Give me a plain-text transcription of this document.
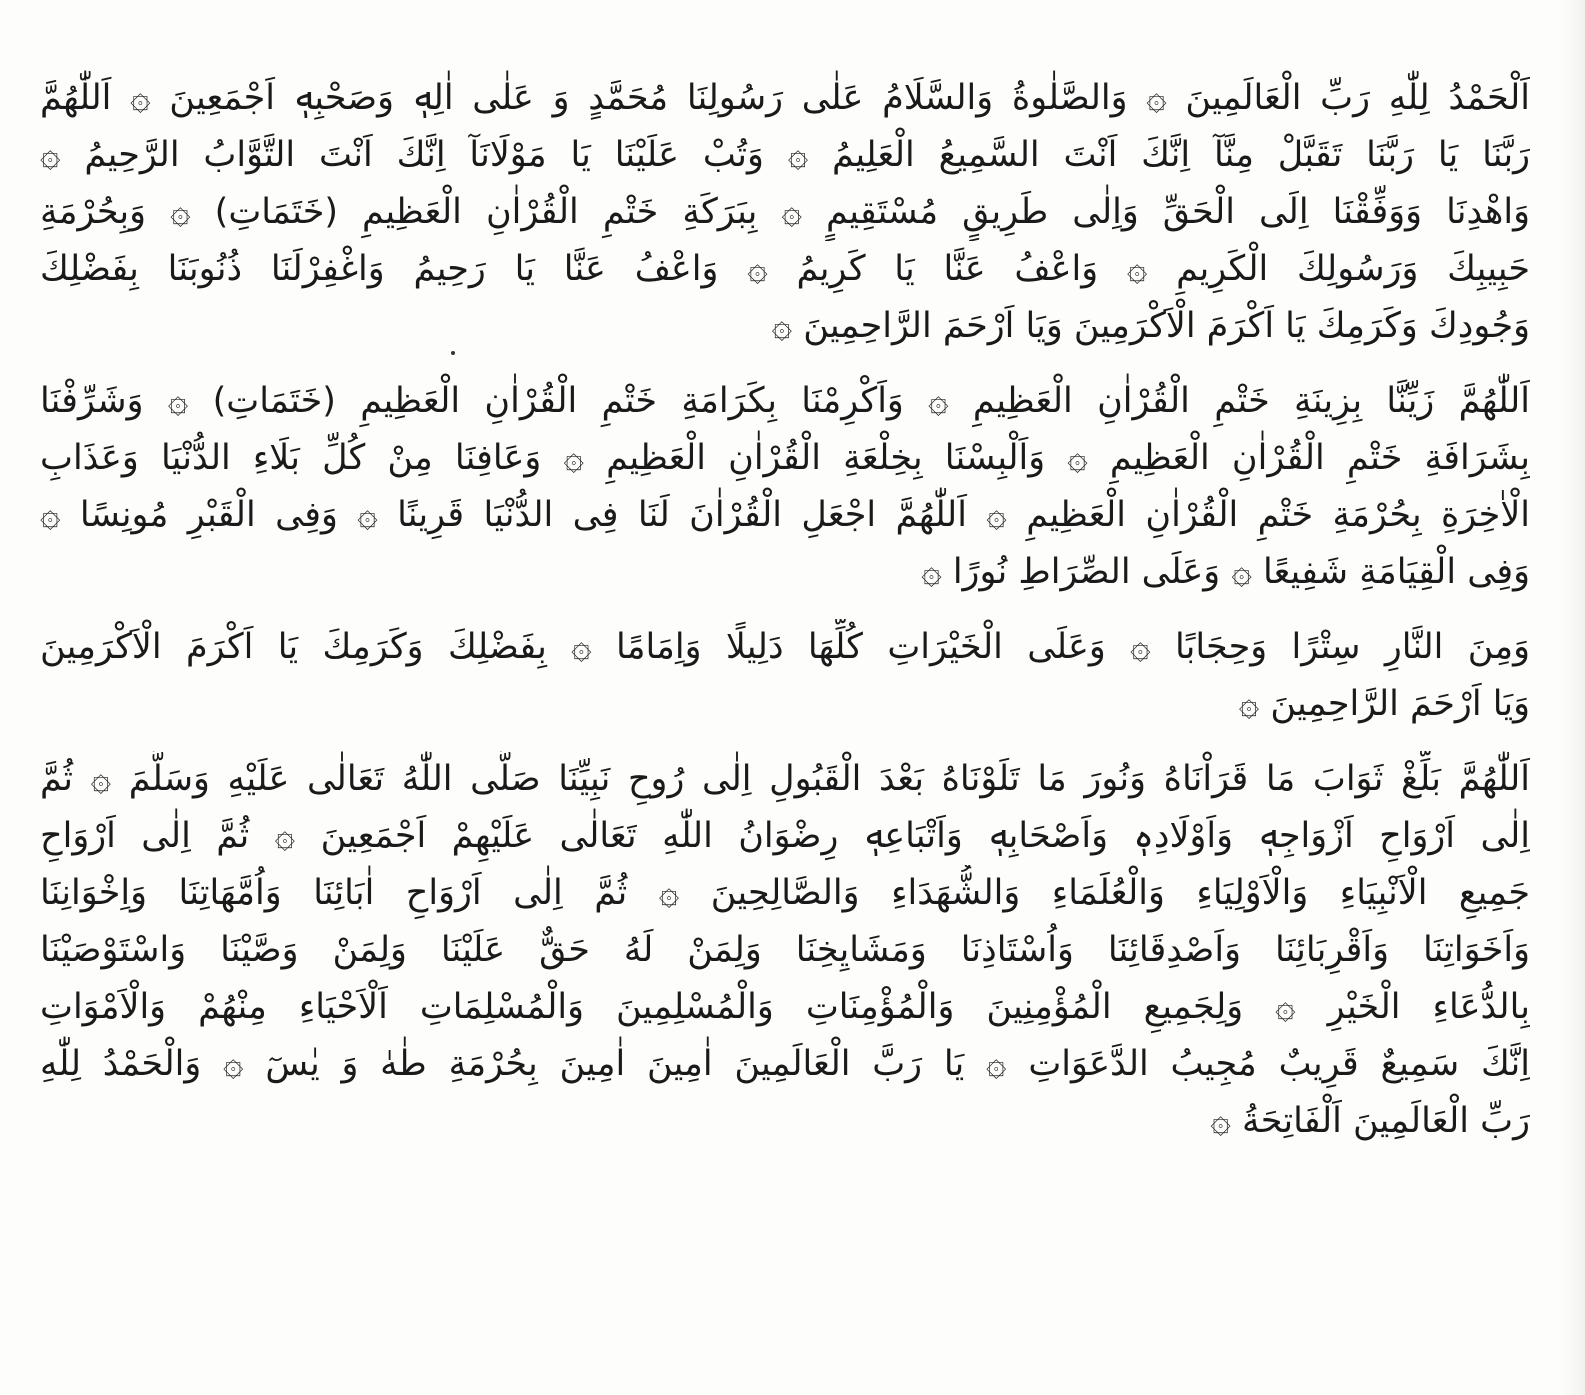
اَلْحَمْدُ لِلّٰهِ رَبِّ الْعَالَمِينَ ۞ وَالصَّلٰوةُ وَالسَّلَامُ عَلٰى رَسُولِنَا مُحَمَّدٍ وَ عَلٰى اٰلِهٖ وَصَحْبِهٖ اَجْمَعِينَ ۞ اَللّٰهُمَّ
رَبَّنَا يَا رَبَّنَا تَقَبَّلْ مِنَّآ اِنَّكَ اَنْتَ السَّمِيعُ الْعَلِيمُ ۞ وَتُبْ عَلَيْنَا يَا مَوْلَانَآ اِنَّكَ اَنْتَ التَّوَّابُ الرَّحِيمُ ۞
وَاهْدِنَا وَوَفِّقْنَا اِلَى الْحَقِّ وَاِلٰى طَرِيقٍ مُسْتَقِيمٍ ۞ بِبَرَكَةِ خَتْمِ الْقُرْاٰنِ الْعَظِيمِ (خَتَمَاتِ) ۞ وَبِحُرْمَةِ
حَبِيبِكَ وَرَسُولِكَ الْكَرِيمِ ۞ وَاعْفُ عَنَّا يَا كَرِيمُ ۞ وَاعْفُ عَنَّا يَا رَحِيمُ وَاغْفِرْلَنَا ذُنُوبَنَا بِفَضْلِكَ
وَجُودِكَ وَكَرَمِكَ يَا اَكْرَمَ الْاَكْرَمِينَ وَيَا اَرْحَمَ الرَّاحِمِينَ ۞
اَللّٰهُمَّ زَيِّنَّا بِزِينَةِ خَتْمِ الْقُرْاٰنِ الْعَظِيمِ ۞ وَاَكْرِمْنَا بِكَرَامَةِ خَتْمِ الْقُرْاٰنِ الْعَظِيمِ (خَتَمَاتِ) ۞ وَشَرِّفْنَا
بِشَرَافَةِ خَتْمِ الْقُرْاٰنِ الْعَظِيمِ ۞ وَاَلْبِسْنَا بِخِلْعَةِ الْقُرْاٰنِ الْعَظِيمِ ۞ وَعَافِنَا مِنْ كُلِّ بَلَاءِ الدُّنْيَا وَعَذَابِ
الْاٰخِرَةِ بِحُرْمَةِ خَتْمِ الْقُرْاٰنِ الْعَظِيمِ ۞ اَللّٰهُمَّ اجْعَلِ الْقُرْاٰنَ لَنَا فِى الدُّنْيَا قَرِينًا ۞ وَفِى الْقَبْرِ مُونِسًا ۞
وَفِى الْقِيَامَةِ شَفِيعًا ۞ وَعَلَى الصِّرَاطِ نُورًا ۞
وَمِنَ النَّارِ سِتْرًا وَحِجَابًا ۞ وَعَلَى الْخَيْرَاتِ كُلِّهَا دَلِيلًا وَاِمَامًا ۞ بِفَضْلِكَ وَكَرَمِكَ يَا اَكْرَمَ الْاَكْرَمِينَ
وَيَا اَرْحَمَ الرَّاحِمِينَ ۞
اَللّٰهُمَّ بَلِّغْ ثَوَابَ مَا قَرَاْنَاهُ وَنُورَ مَا تَلَوْنَاهُ بَعْدَ الْقَبُولِ اِلٰى رُوحِ نَبِيِّنَا صَلَّى اللّٰهُ تَعَالٰى عَلَيْهِ وَسَلَّمَ ۞ ثُمَّ
اِلٰى اَرْوَاحِ اَزْوَاجِهٖ وَاَوْلَادِهٖ وَاَصْحَابِهٖ وَاَتْبَاعِهٖ رِضْوَانُ اللّٰهِ تَعَالٰى عَلَيْهِمْ اَجْمَعِينَ ۞ ثُمَّ اِلٰى اَرْوَاحِ
جَمِيعِ الْاَنْبِيَاءِ وَالْاَوْلِيَاءِ وَالْعُلَمَاءِ وَالشُّهَدَاءِ وَالصَّالِحِينَ ۞ ثُمَّ اِلٰى اَرْوَاحِ اٰبَائِنَا وَاُمَّهَاتِنَا وَاِخْوَانِنَا
وَاَخَوَاتِنَا وَاَقْرِبَائِنَا وَاَصْدِقَائِنَا وَاُسْتَاذِنَا وَمَشَايِخِنَا وَلِمَنْ لَهُ حَقٌّ عَلَيْنَا وَلِمَنْ وَصَّيْنَا وَاسْتَوْصَيْنَا
بِالدُّعَاءِ الْخَيْرِ ۞ وَلِجَمِيعِ الْمُؤْمِنِينَ وَالْمُؤْمِنَاتِ وَالْمُسْلِمِينَ وَالْمُسْلِمَاتِ اَلْاَحْيَاءِ مِنْهُمْ وَالْاَمْوَاتِ
اِنَّكَ سَمِيعٌ قَرِيبٌ مُجِيبُ الدَّعَوَاتِ ۞ يَا رَبَّ الْعَالَمِينَ اٰمِينَ اٰمِينَ بِحُرْمَةِ طٰهٰ وَ يٰسٓ ۞ وَالْحَمْدُ لِلّٰهِ
رَبِّ الْعَالَمِينَ اَلْفَاتِحَةُ ۞
